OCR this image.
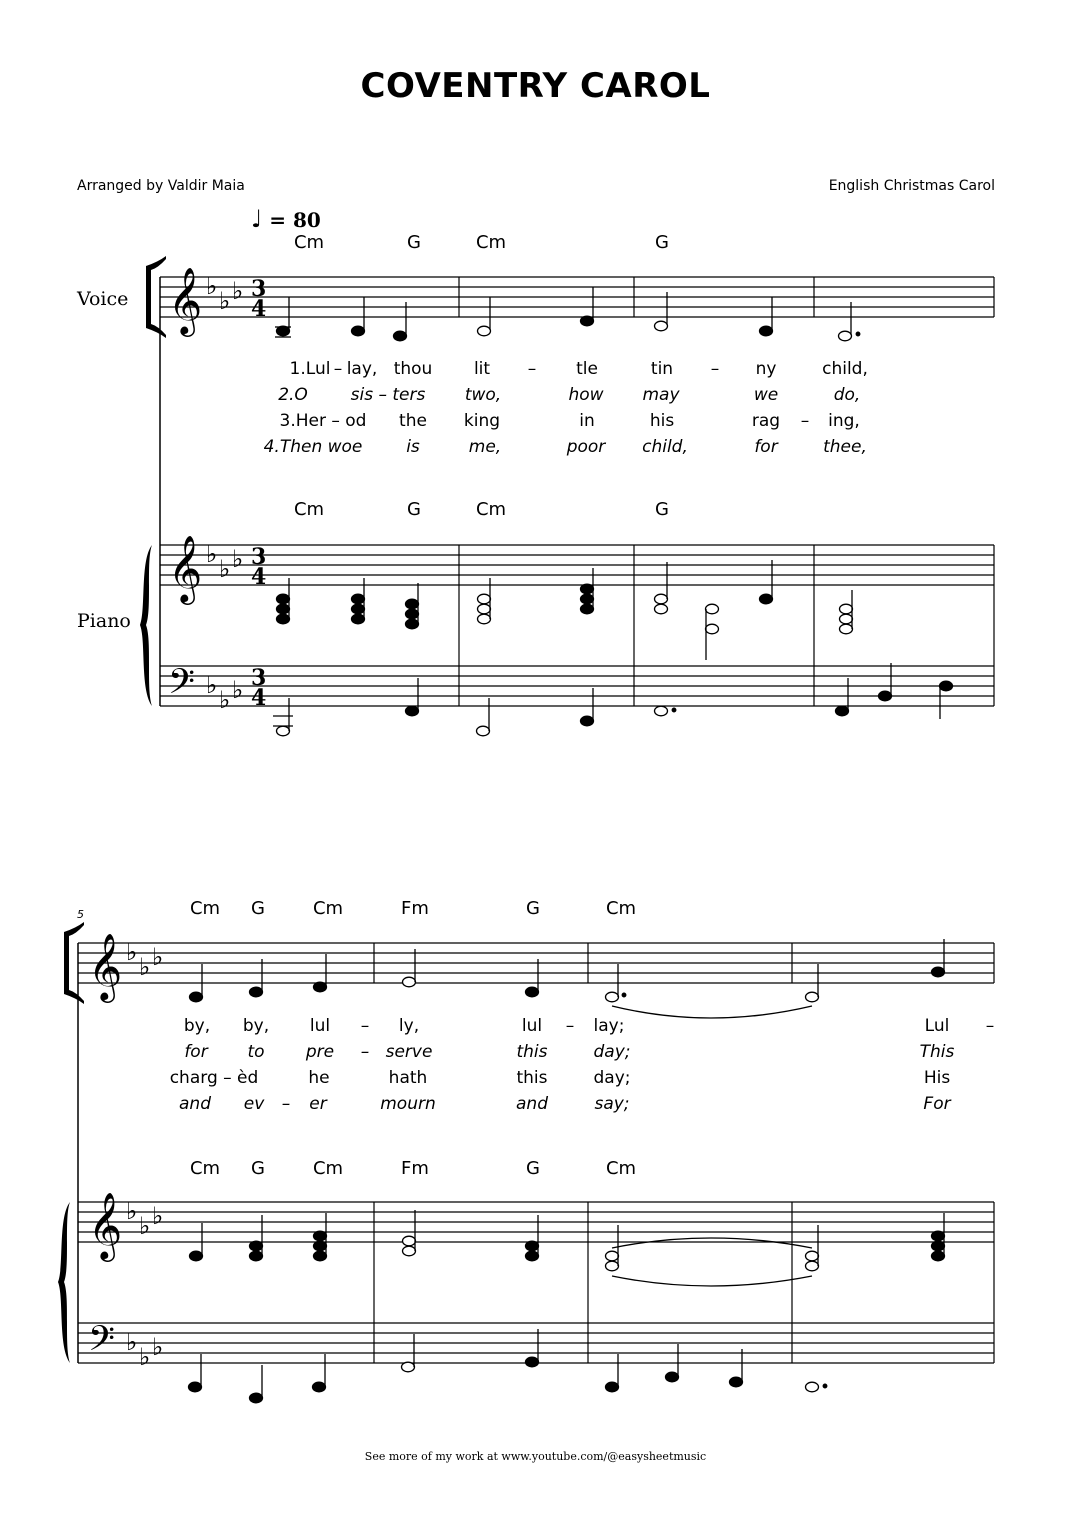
COVENTRY CAROL
Arranged by Valdir Maia	English Christmas Carol
♩ = 80
Voice
Piano
5
Cm	G	Cm	G
1.Lul – lay, thou lit – tle	tin – ny	child,
2.O	sis – ters two,	how may	we	do,
3.Her – od the king	in	his	rag – ing,
4.Then woe	is	me,	poor child,	for	thee,
Cm	G	Cm	G
Cm G	Cm	Fm	G	Cm
by, by, lul – ly,	lul – lay;	Lul –
for to pre – serve	this	day;	This
charg – èd	he	hath	this	day;	His
and ev – er	mourn	and	say;	For
Cm G	Cm	Fm	G	Cm
See more of my work at www.youtube.com/@easysheetmusic
𝄞
𝄞
𝄢
𝄞
𝄞
𝄢
♭
♭ ♭
♭
♭ ♭
♭
♭ ♭
♭
♭ ♭
♭
♭ ♭
♭
♭ ♭
3
4
3
4
3
4
